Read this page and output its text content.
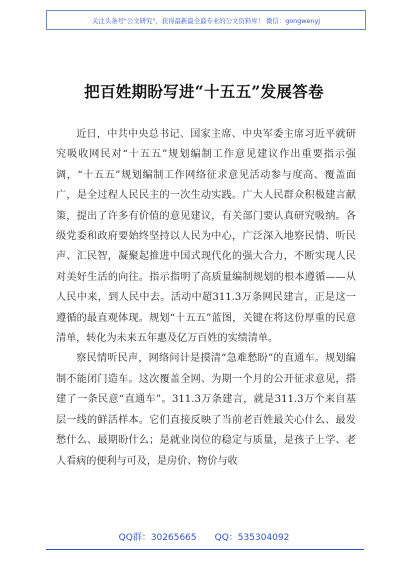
关注头条号"公文研究"，获得最新最全最专业的公文资料库！ 微信：gongwenyj
把百姓期盼写进“十五五”发展答卷

近日，中共中央总书记、国家主席、中央军委主席习近平就研究吸收网民对“十五五”规划编制工作意见建议作出重要指示强调，“十五五”规划编制工作网络征求意见活动参与度高、覆盖面广，是全过程人民民主的一次生动实践。广大人民群众积极建言献策，提出了许多有价值的意见建议，有关部门要认真研究吸纳。各级党委和政府要始终坚持以人民为中心，广泛深入地察民情、听民声、汇民智，凝聚起推进中国式现代化的强大合力，不断实现人民对美好生活的向往。指示指明了高质量编制规划的根本遵循——从人民中来，到人民中去。活动中超311.3万条网民建言，正是这一遵循的最直观体现。规划“十五五”蓝图，关键在将这份厚重的民意清单，转化为未来五年惠及亿万百姓的实绩清单。

察民情听民声，网络问计是摸清“急难愁盼”的直通车。规划编制不能闭门造车。这次覆盖全网、为期一个月的公开征求意见，搭建了一条民意“直通车”。311.3万条建言，就是311.3万个来自基层一线的鲜活样本。它们直接反映了当前老百姓最关心什么、最发愁什么、最期盼什么；是就业岗位的稳定与质量，是孩子上学、老人看病的便利与可及，是房价、物价与收

QQ群：30265665 QQ：535304092
